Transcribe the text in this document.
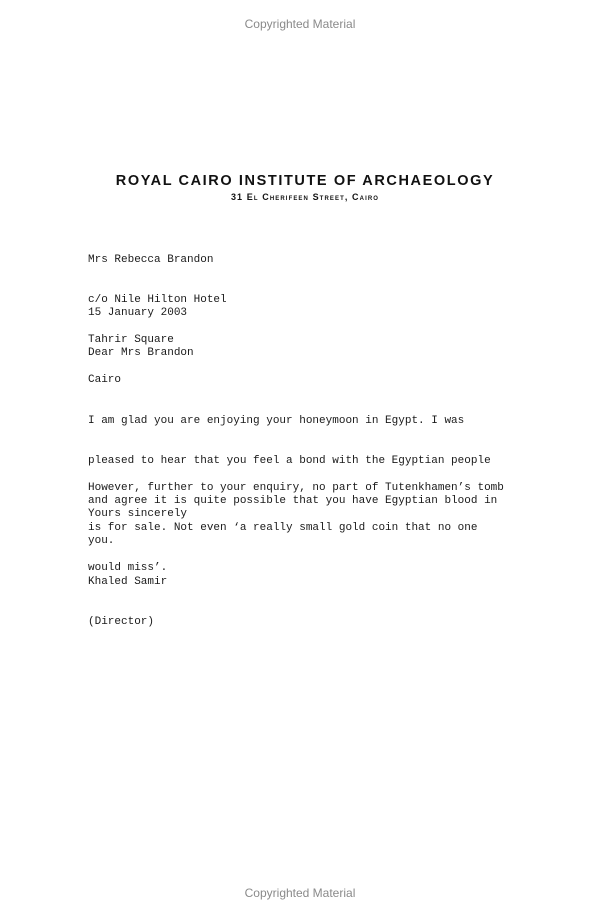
Copyrighted Material
ROYAL CAIRO INSTITUTE OF ARCHAEOLOGY
31 El Cherifeen Street, Cairo

Mrs Rebecca Brandon

c/o Nile Hilton Hotel

Tahrir Square

Cairo

15 January 2003
Dear Mrs Brandon

I am glad you are enjoying your honeymoon in Egypt. I was

pleased to hear that you feel a bond with the Egyptian people

and agree it is quite possible that you have Egyptian blood in

you.

However, further to your enquiry, no part of Tutenkhamen’s tomb

is for sale. Not even ‘a really small gold coin that no one

would miss’.

Yours sincerely

Khaled Samir

(Director)

Copyrighted Material
